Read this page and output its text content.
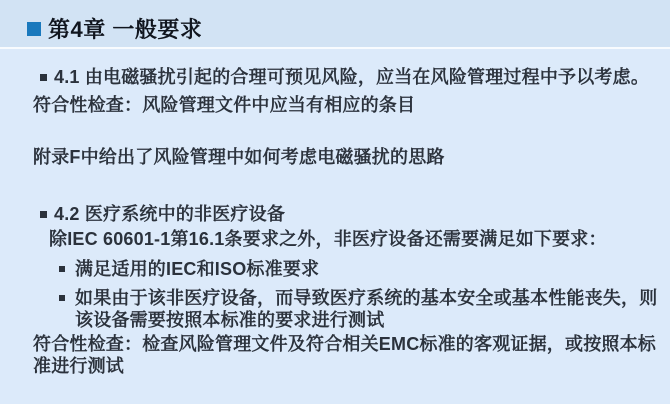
第4章 一般要求
4.1 由电磁骚扰引起的合理可预见风险，应当在风险管理过程中予以考虑。
符合性检查：风险管理文件中应当有相应的条目
附录F中给出了风险管理中如何考虑电磁骚扰的思路
4.2 医疗系统中的非医疗设备
除IEC 60601-1第16.1条要求之外，非医疗设备还需要满足如下要求：
满足适用的IEC和ISO标准要求
如果由于该非医疗设备，而导致医疗系统的基本安全或基本性能丧失，则该设备需要按照本标准的要求进行测试
符合性检查：检查风险管理文件及符合相关EMC标准的客观证据，或按照本标准进行测试
